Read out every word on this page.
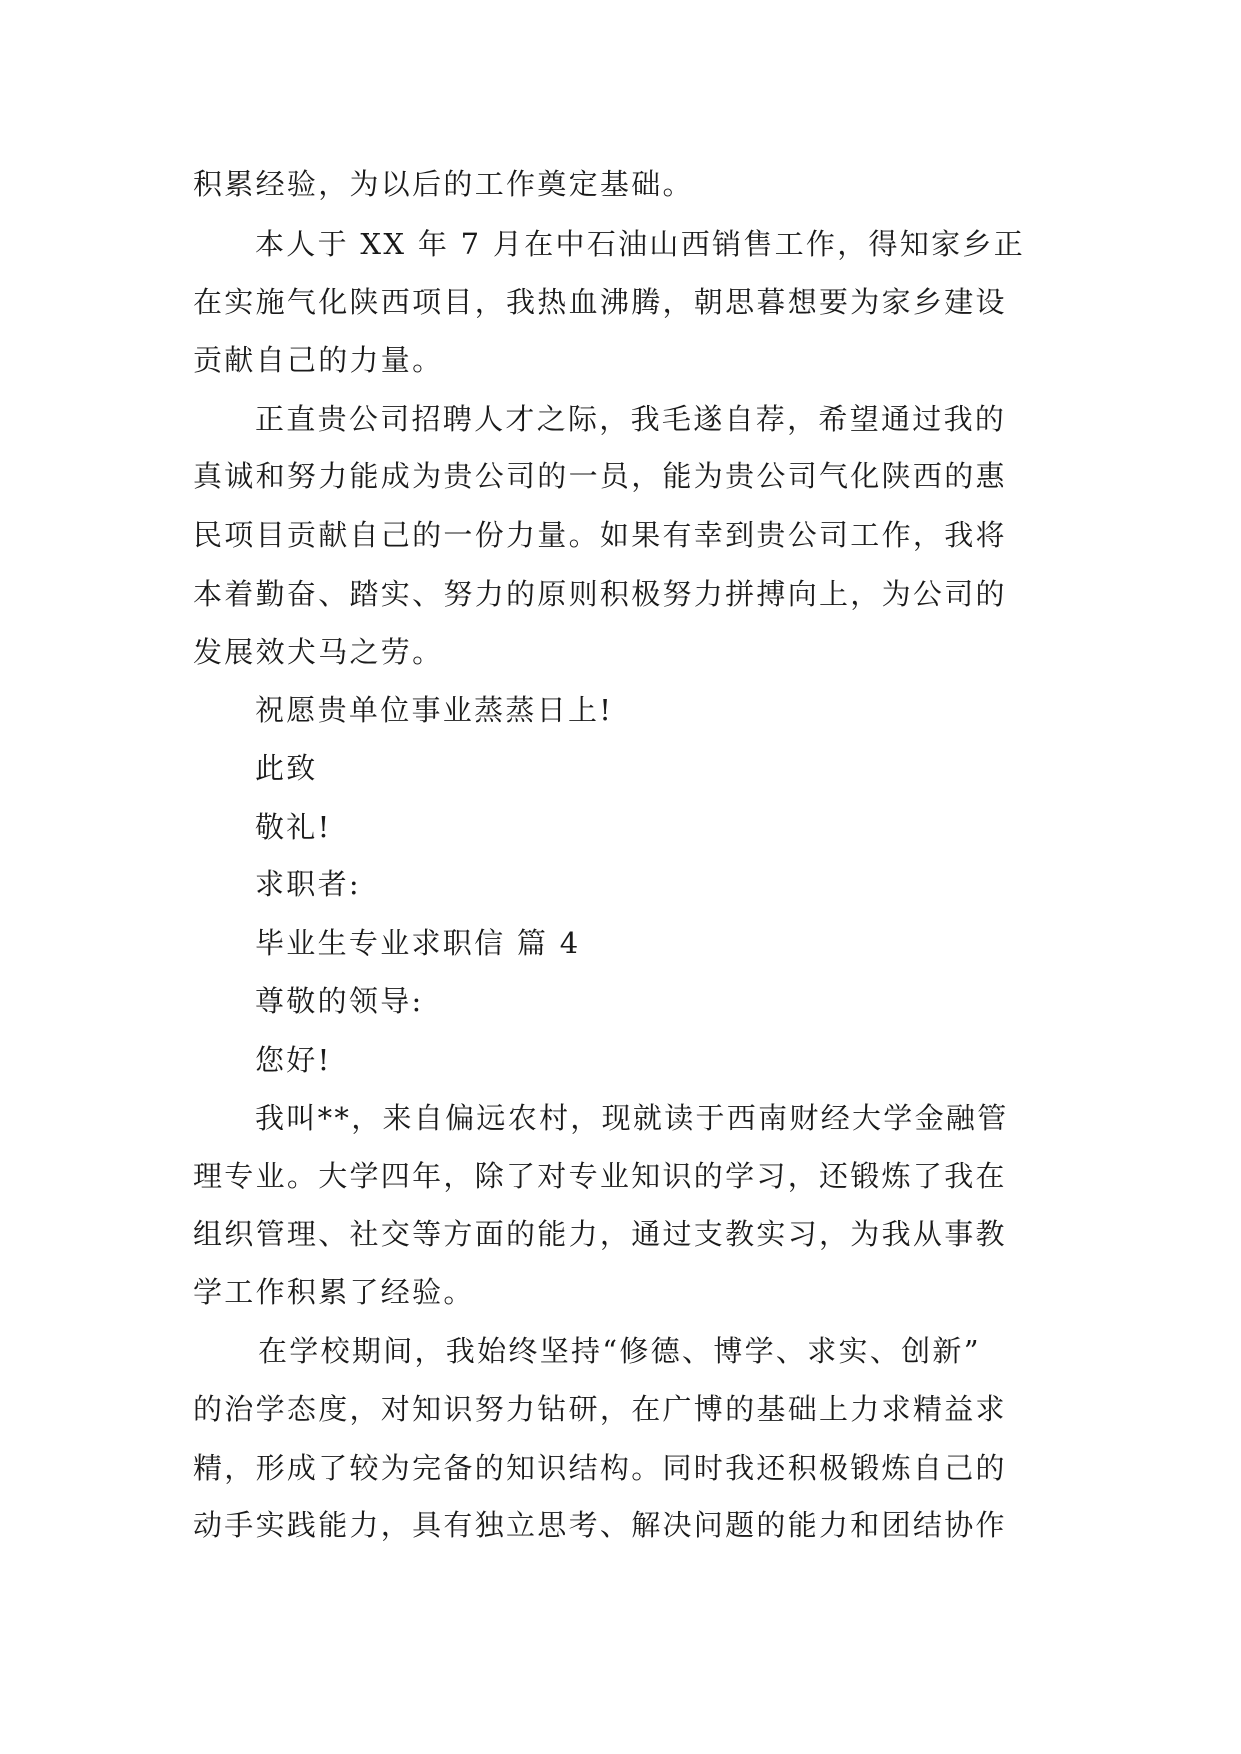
积累经验，为以后的工作奠定基础。
本人于 XX 年 7 月在中石油山西销售工作，得知家乡正
在实施气化陕西项目，我热血沸腾，朝思暮想要为家乡建设
贡献自己的力量。
正直贵公司招聘人才之际，我毛遂自荐，希望通过我的
真诚和努力能成为贵公司的一员，能为贵公司气化陕西的惠
民项目贡献自己的一份力量。如果有幸到贵公司工作，我将
本着勤奋、踏实、努力的原则积极努力拼搏向上，为公司的
发展效犬马之劳。
祝愿贵单位事业蒸蒸日上!
此致
敬礼!
求职者:
毕业生专业求职信 篇 4
尊敬的领导:
您好!
我叫**，来自偏远农村，现就读于西南财经大学金融管
理专业。大学四年，除了对专业知识的学习，还锻炼了我在
组织管理、社交等方面的能力，通过支教实习，为我从事教
学工作积累了经验。
在学校期间，我始终坚持“修德、博学、求实、创新”
的治学态度，对知识努力钻研，在广博的基础上力求精益求
精，形成了较为完备的知识结构。同时我还积极锻炼自己的
动手实践能力，具有独立思考、解决问题的能力和团结协作
